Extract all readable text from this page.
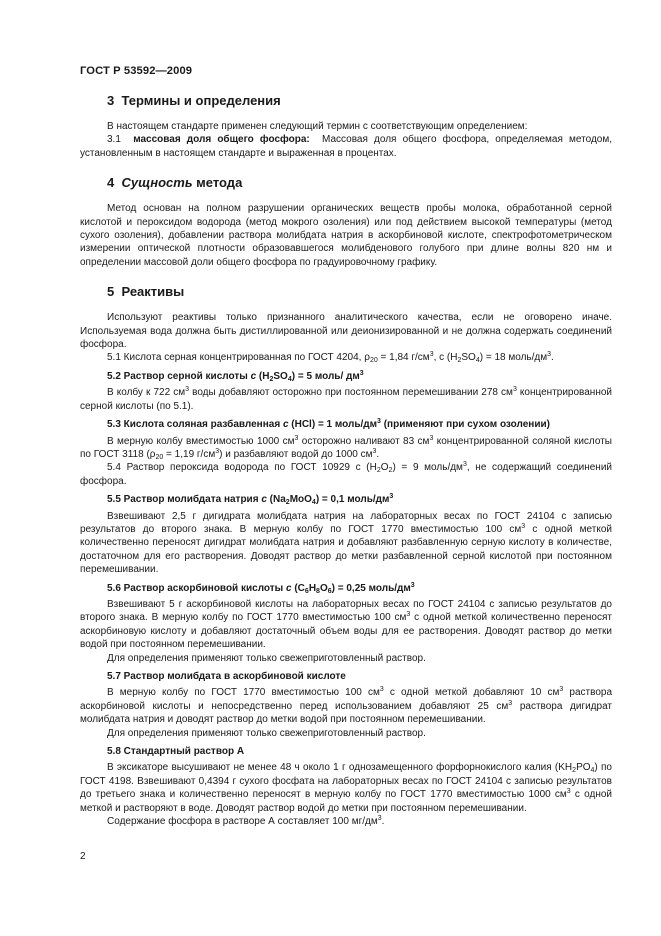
ГОСТ Р 53592—2009
3 Термины и определения

В настоящем стандарте применен следующий термин с соответствующим определением:

3.1 массовая доля общего фосфора: Массовая доля общего фосфора, определяемая методом, установленным в настоящем стандарте и выраженная в процентах.

4 Сущность метода

Метод основан на полном разрушении органических веществ пробы молока, обработанной серной кислотой и пероксидом водорода (метод мокрого озоления) или под действием высокой температуры (метод сухого озоления), добавлении раствора молибдата натрия в аскорбиновой кислоте, спектрофотометрическом измерении оптической плотности образовавшегося молибденового голубого при длине волны 820 нм и определении массовой доли общего фосфора по градуировочному графику.

5 Реактивы

Используют реактивы только признанного аналитического качества, если не оговорено иначе. Используемая вода должна быть дистиллированной или деионизированной и не должна содержать соединений фосфора.

5.1 Кислота серная концентрированная по ГОСТ 4204, $\rho_{20} = 1,84$ $г/см^3$, c $(H_2SO_4) = 18$ моль/$дм^3$.

5.2 Раствор серной кислоты c $(H_2SO_4) = 5$ моль/ $дм^3$

В колбу к 722 $см^3$ воды добавляют осторожно при постоянном перемешивании 278 $см^3$ концентрированной серной кислоты (по 5.1).

5.3 Кислота соляная разбавленная c (HCl) = 1 моль/$дм^3$ (применяют при сухом озолении)

В мерную колбу вместимостью 1000 $см^3$ осторожно наливают 83 $см^3$ концентрированной соляной кислоты по ГОСТ 3118 ($\rho_{20} = 1,19$ $г/см^3$) и разбавляют водой до 1000 $см^3$.

5.4 Раствор пероксида водорода по ГОСТ 10929 c $(H_2O_2) = 9$ моль/$дм^3$, не содержащий соединений фосфора.

5.5 Раствор молибдата натрия c $(Na_2MoO_4) = 0,1$ моль/$дм^3$

Взвешивают 2,5 г дигидрата молибдата натрия на лабораторных весах по ГОСТ 24104 с записью результатов до второго знака. В мерную колбу по ГОСТ 1770 вместимостью 100 $см^3$ с одной меткой количественно переносят дигидрат молибдата натрия и добавляют разбавленную серную кислоту в количестве, достаточном для его растворения. Доводят раствор до метки разбавленной серной кислотой при постоянном перемешивании.

5.6 Раствор аскорбиновой кислоты c $(C_6H_8O_6) = 0,25$ моль/$дм^3$

Взвешивают 5 г аскорбиновой кислоты на лабораторных весах по ГОСТ 24104 с записью результатов до второго знака. В мерную колбу по ГОСТ 1770 вместимостью 100 $см^3$ с одной меткой количественно переносят аскорбиновую кислоту и добавляют достаточный объем воды для ее растворения. Доводят раствор до метки водой при постоянном перемешивании.

Для определения применяют только свежеприготовленный раствор.

5.7 Раствор молибдата в аскорбиновой кислоте

В мерную колбу по ГОСТ 1770 вместимостью 100 $см^3$ с одной меткой добавляют 10 $см^3$ раствора аскорбиновой кислоты и непосредственно перед использованием добавляют 25 $см^3$ раствора дигидрат молибдата натрия и доводят раствор до метки водой при постоянном перемешивании.

Для определения применяют только свежеприготовленный раствор.

5.8 Стандартный раствор А

В эксикаторе высушивают не менее 48 ч около 1 г однозамещенного форфорнокислого калия $(KH_2PO_4)$ по ГОСТ 4198. Взвешивают 0,4394 г сухого фосфата на лабораторных весах по ГОСТ 24104 с записью результатов до третьего знака и количественно переносят в мерную колбу по ГОСТ 1770 вместимостью 1000 $см^3$ с одной меткой и растворяют в воде. Доводят раствор водой до метки при постоянном перемешивании.

Содержание фосфора в растворе А составляет 100 $мг/дм^3$.

2
